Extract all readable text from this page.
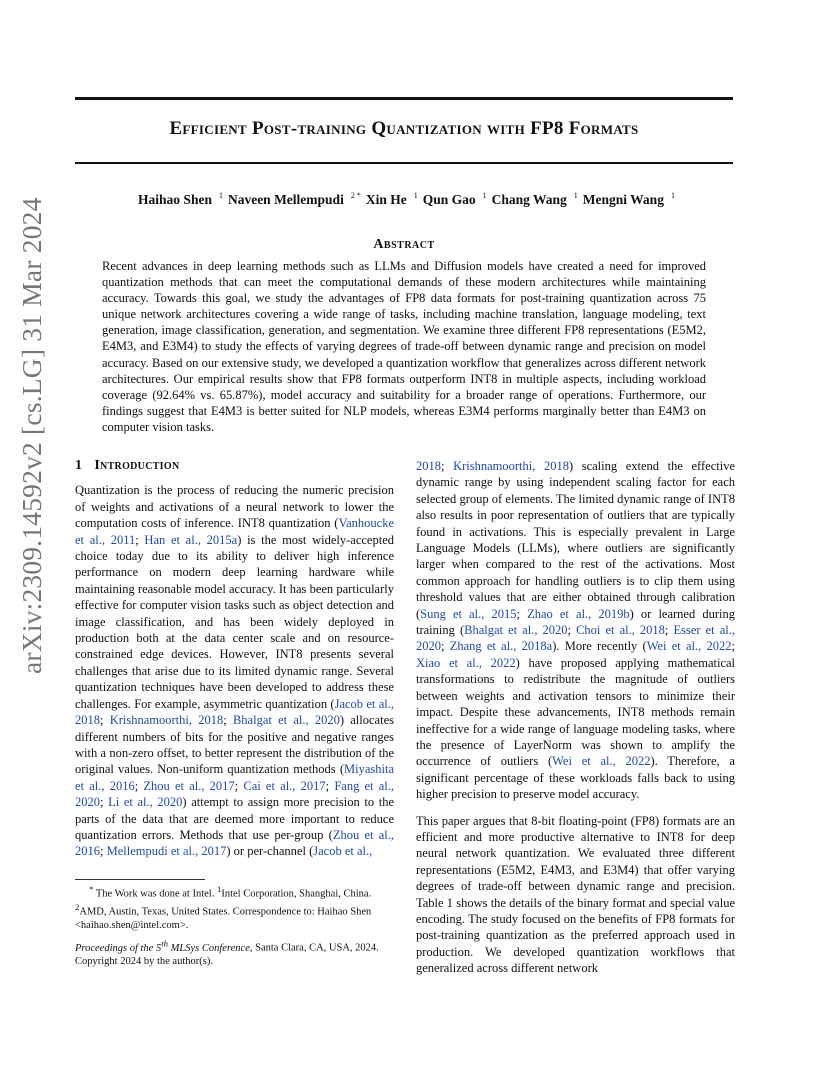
Efficient Post-training Quantization with FP8 Formats
Haihao Shen $^1$ Naveen Mellempudi $^{2 *}$ Xin He $^1$ Qun Gao $^1$ Chang Wang $^1$ Mengni Wang $^1$
arXiv:2309.14592v2 [cs.LG] 31 Mar 2024	Abstract
Recent advances in deep learning methods such as LLMs and Diffusion models have created a need for improved quantization methods that can meet the computational demands of these modern architectures while maintaining accuracy. Towards this goal, we study the advantages of FP8 data formats for post-training quantization across 75 unique network architectures covering a wide range of tasks, including machine translation, language modeling, text generation, image classification, generation, and segmentation. We examine three different FP8 representations (E5M2, E4M3, and E3M4) to study the effects of varying degrees of trade-off between dynamic range and precision on model accuracy. Based on our extensive study, we developed a quantization workflow that generalizes across different network architectures. Our empirical results show that FP8 formats outperform INT8 in multiple aspects, including workload coverage (92.64% vs. 65.87%), model accuracy and suitability for a broader range of operations. Furthermore, our findings suggest that E4M3 is better suited for NLP models, whereas E3M4 performs marginally better than E4M3 on computer vision tasks.
1 Introduction

Quantization is the process of reducing the numeric precision of weights and activations of a neural network to lower the computation costs of inference. INT8 quantization (Vanhoucke et al., 2011; Han et al., 2015a) is the most widely-accepted choice today due to its ability to deliver high inference performance on modern deep learning hardware while maintaining reasonable model accuracy. It has been particularly effective for computer vision tasks such as object detection and image classification, and has been widely deployed in production both at the data center scale and on resource-constrained edge devices. However, INT8 presents several challenges that arise due to its limited dynamic range. Several quantization techniques have been developed to address these challenges. For example, asymmetric quantization (Jacob et al., 2018; Krishnamoorthi, 2018; Bhalgat et al., 2020) allocates different numbers of bits for the positive and negative ranges with a non-zero offset, to better represent the distribution of the original values. Non-uniform quantization methods (Miyashita et al., 2016; Zhou et al., 2017; Cai et al., 2017; Fang et al., 2020; Li et al., 2020) attempt to assign more precision to the parts of the data that are deemed more important to reduce quantization errors. Methods that use per-group (Zhou et al., 2016; Mellempudi et al., 2017) or per-channel (Jacob et al.,

2018; Krishnamoorthi, 2018) scaling extend the effective dynamic range by using independent scaling factor for each selected group of elements. The limited dynamic range of INT8 also results in poor representation of outliers that are typically found in activations. This is especially prevalent in Large Language Models (LLMs), where outliers are significantly larger when compared to the rest of the activations. Most common approach for handling outliers is to clip them using threshold values that are either obtained through calibration (Sung et al., 2015; Zhao et al., 2019b) or learned during training (Bhalgat et al., 2020; Choi et al., 2018; Esser et al., 2020; Zhang et al., 2018a). More recently (Wei et al., 2022; Xiao et al., 2022) have proposed applying mathematical transformations to redistribute the magnitude of outliers between weights and activation tensors to minimize their impact. Despite these advancements, INT8 methods remain ineffective for a wide range of language modeling tasks, where the presence of LayerNorm was shown to amplify the occurrence of outliers (Wei et al., 2022). Therefore, a significant percentage of these workloads falls back to using higher precision to preserve model accuracy.

This paper argues that 8-bit floating-point (FP8) formats are an efficient and more productive alternative to INT8 for deep neural network quantization. We evaluated three different representations (E5M2, E4M3, and E3M4) that offer varying degrees of trade-off between dynamic range and precision. Table 1 shows the details of the binary format and special value encoding. The study focused on the benefits of FP8 formats for post-training quantization as the preferred approach used in production. We developed quantization workflows that generalized across different network

* The Work was done at Intel. $^1$Intel Corporation, Shanghai, China. $^2$AMD, Austin, Texas, United States. Correspondence to: Haihao Shen <haihao.shen@intel.com>.
Proceedings of the 5th MLSys Conference, Santa Clara, CA, USA, 2024. Copyright 2024 by the author(s).
